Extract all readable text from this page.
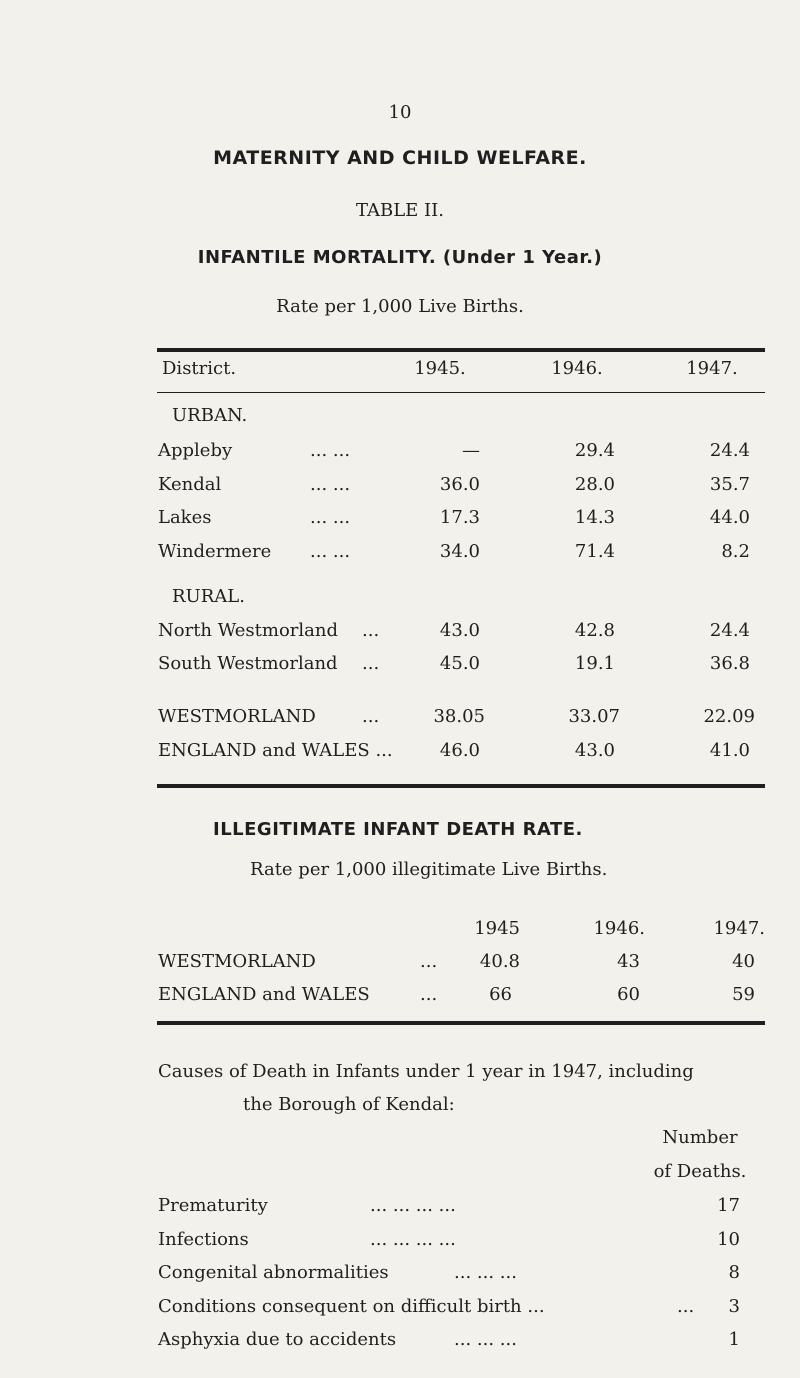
10
MATERNITY AND CHILD WELFARE.
TABLE II.
INFANTILE MORTALITY. (Under 1 Year.)
Rate per 1,000 Live Births.
District.	1945.	1946.	1947.
URBAN.
Appleby	... ...	—	29.4	24.4
Kendal	... ...	36.0	28.0	35.7
Lakes	... ...	17.3	14.3	44.0
Windermere ... ...	34.0	71.4	8.2
RURAL.
North Westmorland ...	43.0	42.8	24.4
South Westmorland ...	45.0	19.1	36.8
WESTMORLAND	...	38.05	33.07	22.09
ENGLAND and WALES ...	46.0	43.0	41.0
ILLEGITIMATE INFANT DEATH RATE.
Rate per 1,000 illegitimate Live Births.
1945	1946.	1947.
WESTMORLAND	...	40.8	43	40
ENGLAND and WALES	...	66	60	59
Causes of Death in Infants under 1 year in 1947, including
the Borough of Kendal:
Number
of Deaths.
Prematurity	... ... ... ...	17
Infections	... ... ... ...	10
Congenital abnormalities	... ... ...	8
Conditions consequent on difficult birth ...	...	3
Asphyxia due to accidents	... ... ...	1
